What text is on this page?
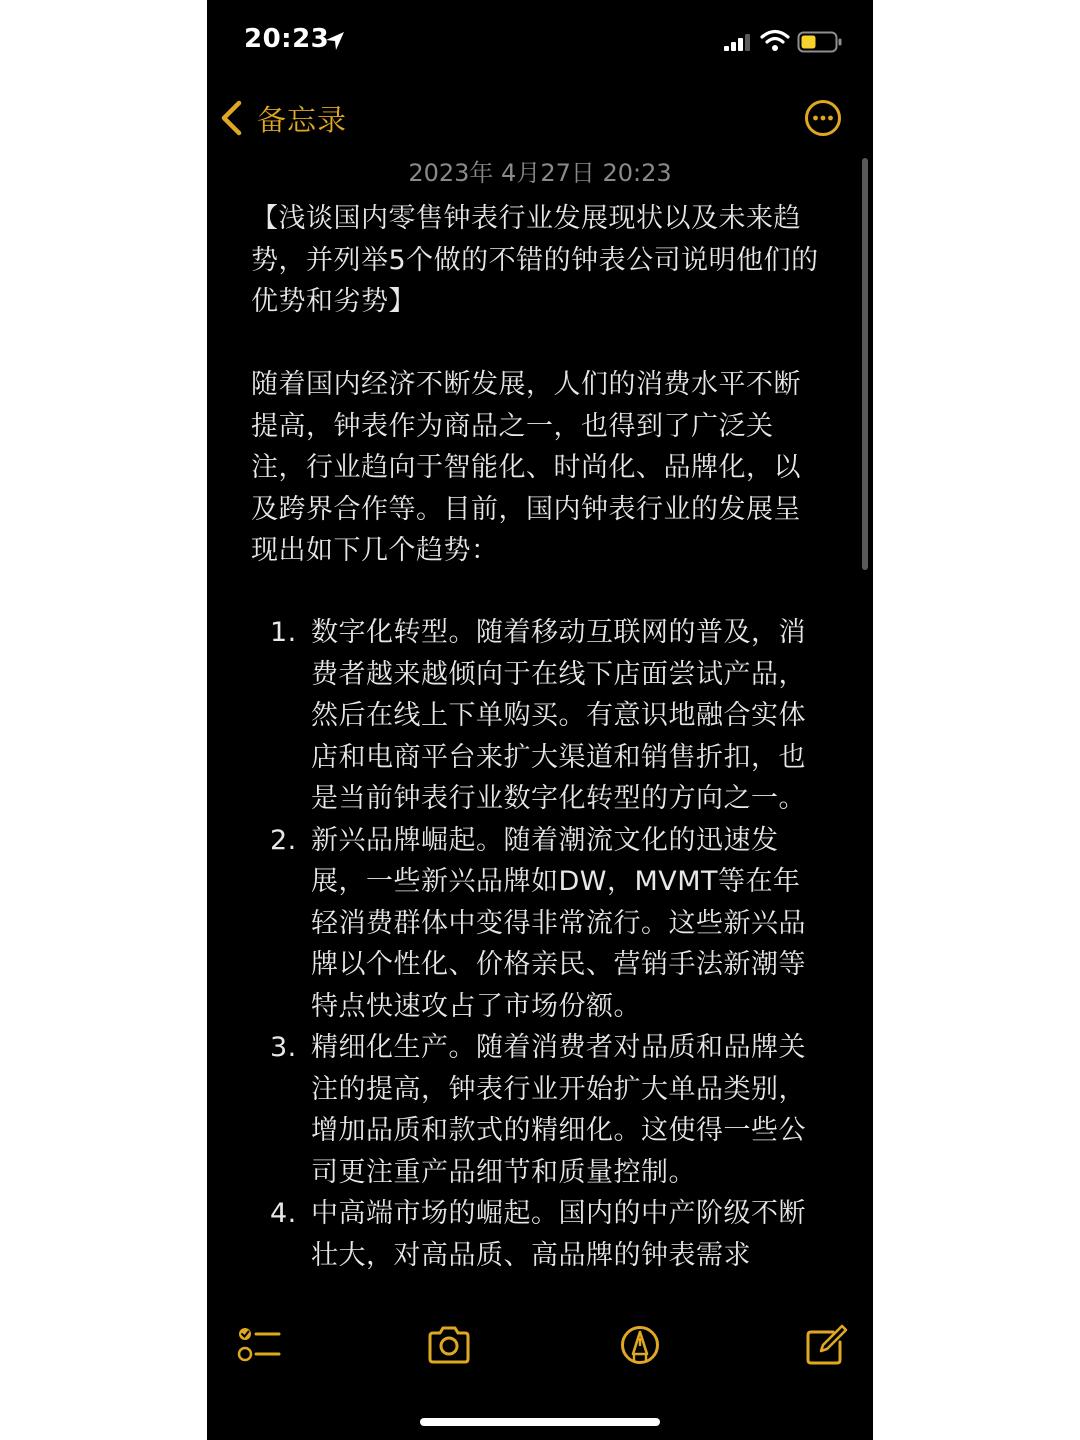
20:23
备忘录
2023年 4月27日 20:23

【浅谈国内零售钟表行业发展现状以及未来趋势，并列举5个做的不错的钟表公司说明他们的优势和劣势】

随着国内经济不断发展，人们的消费水平不断提高，钟表作为商品之一，也得到了广泛关注，行业趋向于智能化、时尚化、品牌化，以及跨界合作等。目前，国内钟表行业的发展呈现出如下几个趋势：

1. 数字化转型。随着移动互联网的普及，消费者越来越倾向于在线下店面尝试产品，然后在线上下单购买。有意识地融合实体店和电商平台来扩大渠道和销售折扣，也是当前钟表行业数字化转型的方向之一。
2. 新兴品牌崛起。随着潮流文化的迅速发展，一些新兴品牌如DW，MVMT等在年轻消费群体中变得非常流行。这些新兴品牌以个性化、价格亲民、营销手法新潮等特点快速攻占了市场份额。
3. 精细化生产。随着消费者对品质和品牌关注的提高，钟表行业开始扩大单品类别，增加品质和款式的精细化。这使得一些公司更注重产品细节和质量控制。
4. 中高端市场的崛起。国内的中产阶级不断壮大，对高品质、高品牌的钟表需求
